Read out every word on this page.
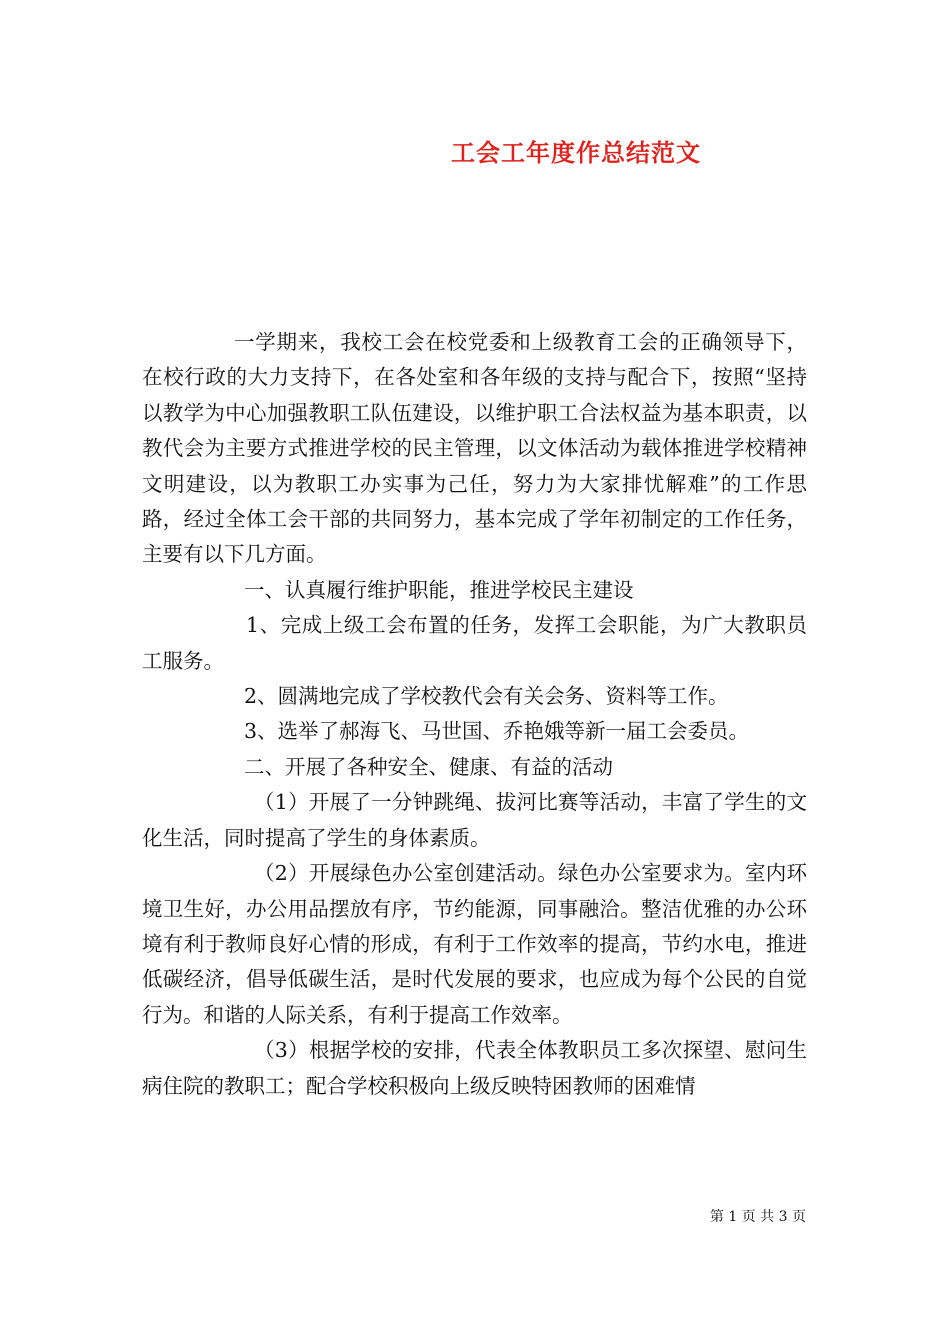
工会工年度作总结范文

一学期来，我校工会在校党委和上级教育工会的正确领导下，在校行政的大力支持下，在各处室和各年级的支持与配合下，按照“坚持以教学为中心加强教职工队伍建设，以维护职工合法权益为基本职责，以教代会为主要方式推进学校的民主管理，以文体活动为载体推进学校精神文明建设，以为教职工办实事为己任，努力为大家排忧解难”的工作思路，经过全体工会干部的共同努力，基本完成了学年初制定的工作任务，主要有以下几方面。

一、认真履行维护职能，推进学校民主建设

1、完成上级工会布置的任务，发挥工会职能，为广大教职员工服务。

2、圆满地完成了学校教代会有关会务、资料等工作。

3、选举了郝海飞、马世国、乔艳娥等新一届工会委员。

二、开展了各种安全、健康、有益的活动

（1）开展了一分钟跳绳、拔河比赛等活动，丰富了学生的文化生活，同时提高了学生的身体素质。

（2）开展绿色办公室创建活动。绿色办公室要求为。室内环境卫生好，办公用品摆放有序，节约能源，同事融洽。整洁优雅的办公环境有利于教师良好心情的形成，有利于工作效率的提高，节约水电，推进低碳经济，倡导低碳生活，是时代发展的要求，也应成为每个公民的自觉行为。和谐的人际关系，有利于提高工作效率。

（3）根据学校的安排，代表全体教职员工多次探望、慰问生病住院的教职工；配合学校积极向上级反映特困教师的困难情

第 1 页 共 3 页
